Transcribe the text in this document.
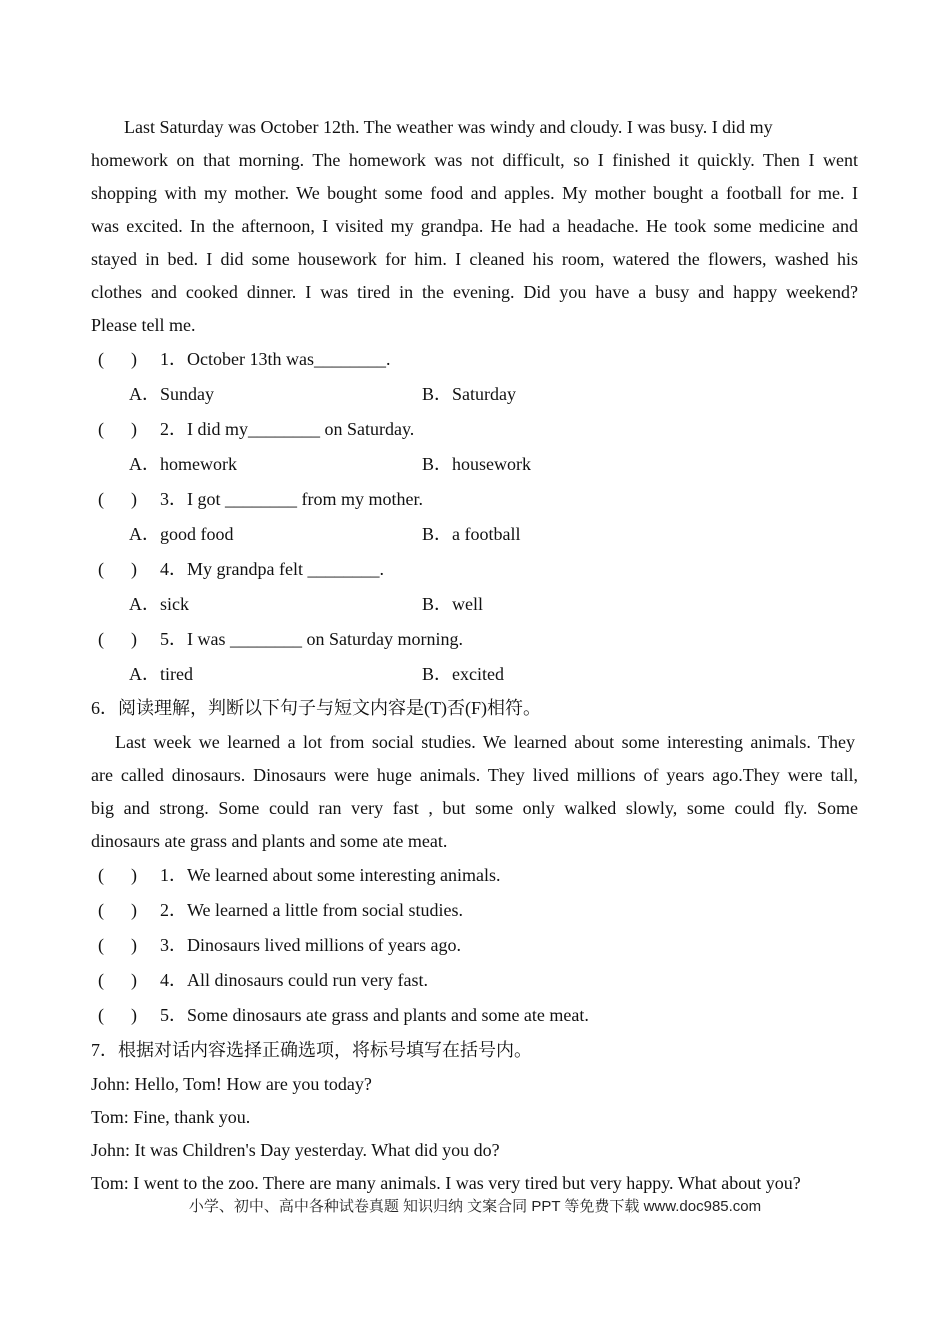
Last Saturday was October 12th. The weather was windy and cloudy. I was busy. I did my
homework on that morning. The homework was not difficult, so I finished it quickly. Then I went
shopping with my mother. We bought some food and apples. My mother bought a football for me. I
was excited. In the afternoon, I visited my grandpa. He had a headache. He took some medicine and
stayed in bed. I did some housework for him. I cleaned his room, watered the flowers, washed his
clothes and cooked dinner. I was tired in the evening. Did you have a busy and happy weekend?
Please tell me.
(      ) 1．October 13th was________.
A．Sunday	B．Saturday
(      ) 2．I did my________ on Saturday.
A．homework	B．housework
(      ) 3．I got ________ from my mother.
A．good food	B．a football
(      ) 4．My grandpa felt ________.
A．sick	B．well
(      ) 5．I was ________ on Saturday morning.
A．tired	B．excited
6．阅读理解，判断以下句子与短文内容是(T)否(F)相符。
Last week we learned a lot from social studies. We learned about some interesting animals. They
are called dinosaurs. Dinosaurs were huge animals. They lived millions of years ago.They were tall,
big and strong. Some could ran very fast , but some only walked slowly, some could fly. Some
dinosaurs ate grass and plants and some ate meat.
(      ) 1．We learned about some interesting animals.
(      ) 2．We learned a little from social studies.
(      ) 3．Dinosaurs lived millions of years ago.
(      ) 4．All dinosaurs could run very fast.
(      ) 5．Some dinosaurs ate grass and plants and some ate meat.
7．根据对话内容选择正确选项，将标号填写在括号内。
John: Hello, Tom! How are you today?
Tom: Fine, thank you.
John: It was Children's Day yesterday. What did you do?
Tom: I went to the zoo. There are many animals. I was very tired but very happy. What about you?
小学、初中、高中各种试卷真题 知识归纳 文案合同 PPT 等免费下载 www.doc985.com
